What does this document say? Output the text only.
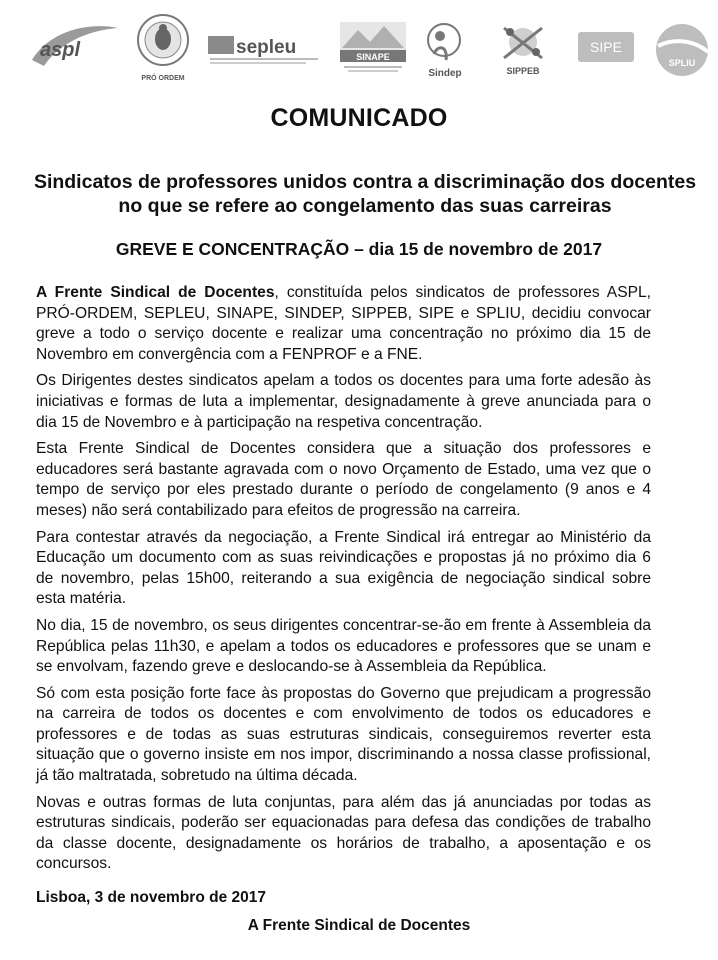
aspl
PRÓ ORDEM
sepleu	SINAPE
Sindep	SIPPEB
SIPE
SPLIU
COMUNICADO
Sindicatos de professores unidos contra a discriminação dos docentes no que se refere ao congelamento das suas carreiras
GREVE E CONCENTRAÇÃO – dia 15 de novembro de 2017

A Frente Sindical de Docentes, constituída pelos sindicatos de professores ASPL, PRÓ-ORDEM, SEPLEU, SINAPE, SINDEP, SIPPEB, SIPE e SPLIU, decidiu convocar greve a todo o serviço docente e realizar uma concentração no próximo dia 15 de Novembro em convergência com a FENPROF e a FNE.

Os Dirigentes destes sindicatos apelam a todos os docentes para uma forte adesão às iniciativas e formas de luta a implementar, designadamente à greve anunciada para o dia 15 de Novembro e à participação na respetiva concentração.

Esta Frente Sindical de Docentes considera que a situação dos professores e educadores será bastante agravada com o novo Orçamento de Estado, uma vez que o tempo de serviço por eles prestado durante o período de congelamento (9 anos e 4 meses) não será contabilizado para efeitos de progressão na carreira.

Para contestar através da negociação, a Frente Sindical irá entregar ao Ministério da Educação um documento com as suas reivindicações e propostas já no próximo dia 6 de novembro, pelas 15h00, reiterando a sua exigência de negociação sindical sobre esta matéria.

No dia, 15 de novembro, os seus dirigentes concentrar-se-ão em frente à Assembleia da República pelas 11h30, e apelam a todos os educadores e professores que se unam e se envolvam, fazendo greve e deslocando-se à Assembleia da República.

Só com esta posição forte face às propostas do Governo que prejudicam a progressão na carreira de todos os docentes e com envolvimento de todos os educadores e professores e de todas as suas estruturas sindicais, conseguiremos reverter esta situação que o governo insiste em nos impor, discriminando a nossa classe profissional, já tão maltratada, sobretudo na última década.

Novas e outras formas de luta conjuntas, para além das já anunciadas por todas as estruturas sindicais, poderão ser equacionadas para defesa das condições de trabalho da classe docente, designadamente os horários de trabalho, a aposentação e os concursos.

Lisboa, 3 de novembro de 2017
A Frente Sindical de Docentes
